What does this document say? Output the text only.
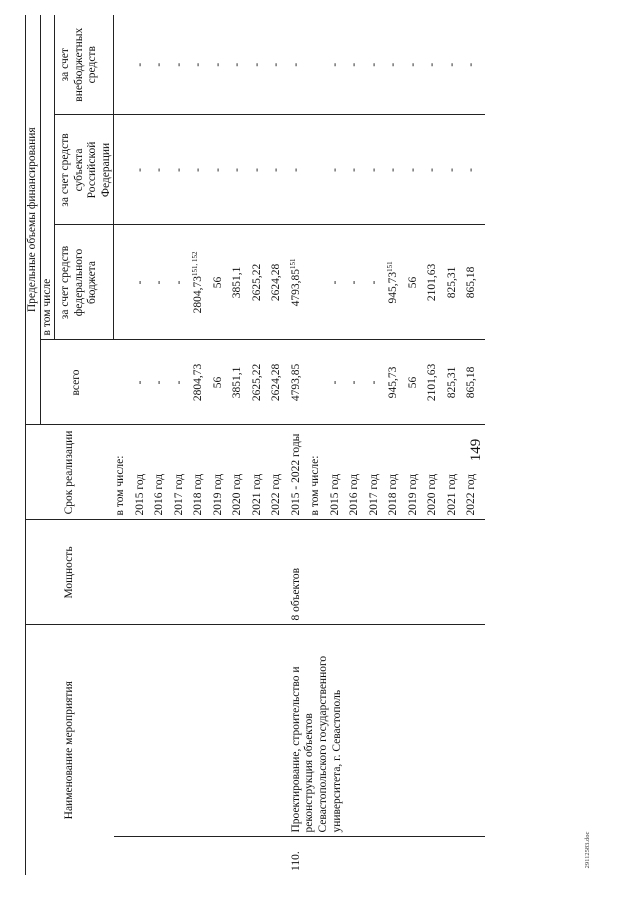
149
Наименование мероприятия		Мощность	Срок реализации	Предельные объемы финансирования			
				всего	в том числе		
					за счет средств федерального бюджета	за счет средств субъекта Российской Федерации	за счет внебюджетных средств
			в том числе:				
			2015 год	-	-	-	-
			2016 год	-	-	-	-
			2017 год	-	-	-	-
			2018 год	2804,73	2804,73$^{151, 152}$	-	-
			2019 год	56	56	-	-
			2020 год	3851,1	3851,1	-	-
			2021 год	2625,22	2625,22	-	-
			2022 год	2624,28	2624,28	-	-
110.	Проектирование, строительство и реконструкция объектов Севастопольского государственного университета, г. Севастополь	8 объектов	2015 - 2022 годы	4793,85	4793,85$^{151}$	-	-
			в том числе:				
			2015 год	-	-	-	-
			2016 год	-	-	-	-
			2017 год	-	-	-	-
			2018 год	945,73	945,73$^{151}$	-	-
			2019 год	56	56	-	-
			2020 год	2101,63	2101,63	-	-
			2021 год	825,31	825,31	-	-
			2022 год	865,18	865,18	-	-
29112583.doc
